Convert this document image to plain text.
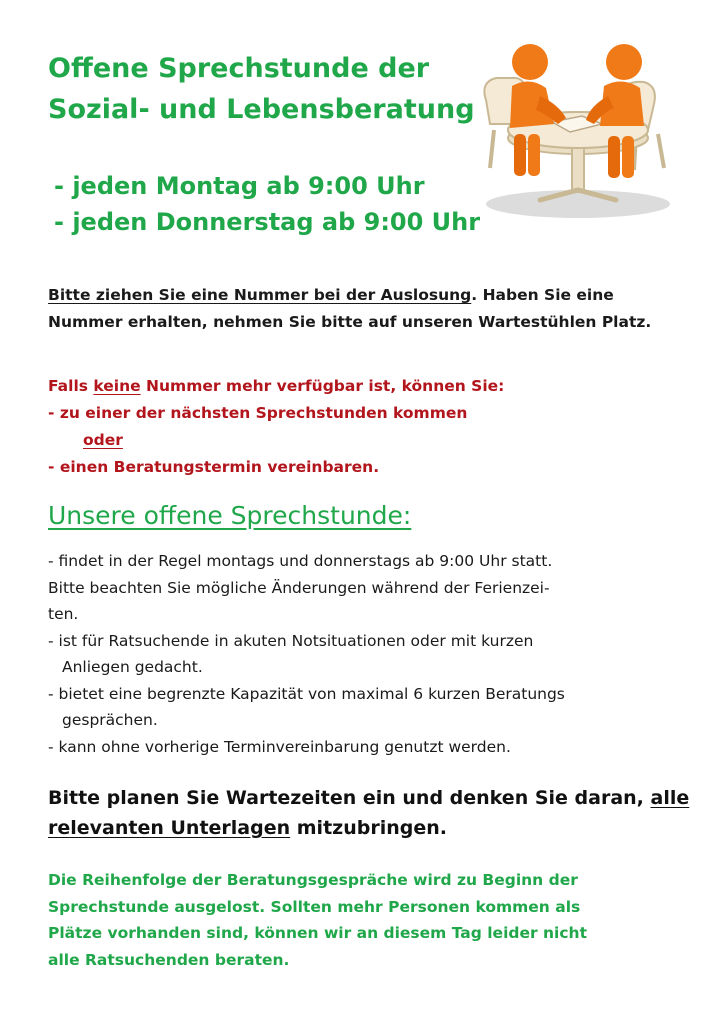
Offene Sprechstunde der
Sozial- und Lebensberatung
- jeden Montag ab 9:00 Uhr
- jeden Donnerstag ab 9:00 Uhr

Bitte ziehen Sie eine Nummer bei der Auslosung. Haben Sie eine Nummer erhalten, nehmen Sie bitte auf unseren Wartestühlen Platz.

Falls keine Nummer mehr verfügbar ist, können Sie:
- zu einer der nächsten Sprechstunden kommen
oder
- einen Beratungstermin vereinbaren.
Unsere offene Sprechstunde:
- findet in der Regel montags und donnerstags ab 9:00 Uhr statt.
Bitte beachten Sie mögliche Änderungen während der Ferienzei-
ten.
- ist für Ratsuchende in akuten Notsituationen oder mit kurzen
Anliegen gedacht.
- bietet eine begrenzte Kapazität von maximal 6 kurzen Beratungs
gesprächen.
- kann ohne vorherige Terminvereinbarung genutzt werden.

Bitte planen Sie Wartezeiten ein und denken Sie daran, alle relevanten Unterlagen mitzubringen.

Die Reihenfolge der Beratungsgespräche wird zu Beginn der
Sprechstunde ausgelost. Sollten mehr Personen kommen als
Plätze vorhanden sind, können wir an diesem Tag leider nicht
alle Ratsuchenden beraten.
